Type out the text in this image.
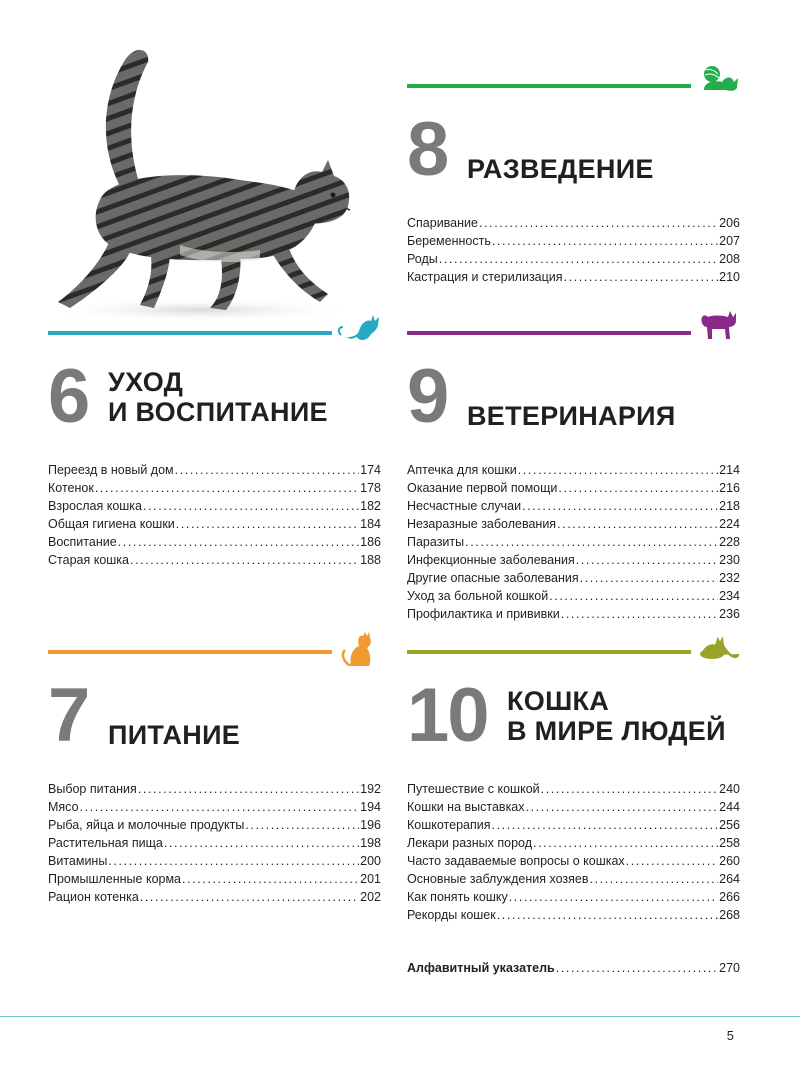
8 РАЗВЕДЕНИЕ
Спаривание .....	206
Беременность .....	207
Роды .....	208
Кастрация и стерилизация .....	210
6 УХОД
И ВОСПИТАНИЕ
Переезд в новый дом .....	174
Котенок .....	178
Взрослая кошка .....	182
Общая гигиена кошки .....	184
Воспитание .....	186
Старая кошка .....	188
9 ВЕТЕРИНАРИЯ
Аптечка для кошки .....	214
Оказание первой помощи .....	216
Несчастные случаи .....	218
Незаразные заболевания .....	224
Паразиты .....	228
Инфекционные заболевания .....	230
Другие опасные заболевания .....	232
Уход за больной кошкой .....	234
Профилактика и прививки .....	236
7 ПИТАНИЕ
Выбор питания .....	192
Мясо .....	194
Рыба, яйца и молочные продукты .....	196
Растительная пища .....	198
Витамины .....	200
Промышленные корма .....	201
Рацион котенка .....	202
10 КОШКА
В МИРЕ ЛЮДЕЙ
Путешествие с кошкой .....	240
Кошки на выставках .....	244
Кошкотерапия .....	256
Лекари разных пород .....	258
Часто задаваемые вопросы о кошках .....	260
Основные заблуждения хозяев .....	264
Как понять кошку .....	266
Рекорды кошек .....	268
Алфавитный указатель .....	270
5
